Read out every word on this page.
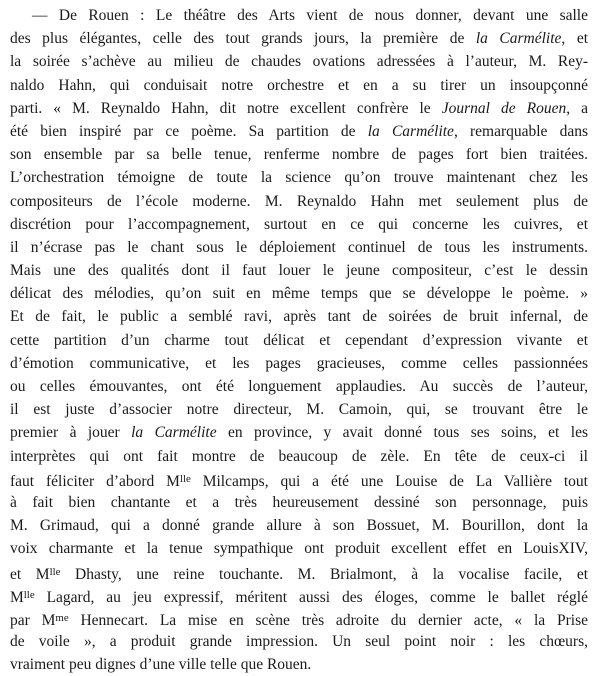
— De Rouen : Le théâtre des Arts vient de nous donner, devant une salle
des plus élégantes, celle des tout grands jours, la première de la Carmélite, et
la soirée s’achève au milieu de chaudes ovations adressées à l’auteur, M. Rey-
naldo Hahn, qui conduisait notre orchestre et en a su tirer un insoupçonné
parti. « M. Reynaldo Hahn, dit notre excellent confrère le Journal de Rouen, a
été bien inspiré par ce poème. Sa partition de la Carmélite, remarquable dans
son ensemble par sa belle tenue, renferme nombre de pages fort bien traitées.
L’orchestration témoigne de toute la science qu’on trouve maintenant chez les
compositeurs de l’école moderne. M. Reynaldo Hahn met seulement plus de
discrétion pour l’accompagnement, surtout en ce qui concerne les cuivres, et
il n’écrase pas le chant sous le déploiement continuel de tous les instruments.
Mais une des qualités dont il faut louer le jeune compositeur, c’est le dessin
délicat des mélodies, qu’on suit en même temps que se développe le poème. »
Et de fait, le public a semblé ravi, après tant de soirées de bruit infernal, de
cette partition d’un charme tout délicat et cependant d’expression vivante et
d’émotion communicative, et les pages gracieuses, comme celles passionnées
ou celles émouvantes, ont été longuement applaudies. Au succès de l’auteur,
il est juste d’associer notre directeur, M. Camoin, qui, se trouvant être le
premier à jouer la Carmélite en province, y avait donné tous ses soins, et les
interprètes qui ont fait montre de beaucoup de zèle. En tête de ceux-ci il
faut féliciter d’abord $M^{lle}$ Milcamps, qui a été une Louise de La Vallière tout
à fait bien chantante et a très heureusement dessiné son personnage, puis
M. Grimaud, qui a donné grande allure à son Bossuet, M. Bourillon, dont la
voix charmante et la tenue sympathique ont produit excellent effet en LouisXIV,
et $M^{lle}$ Dhasty, une reine touchante. M. Brialmont, à la vocalise facile, et
$M^{lle}$ Lagard, au jeu expressif, méritent aussi des éloges, comme le ballet réglé
par $M^{me}$ Hennecart. La mise en scène très adroite du dernier acte, « la Prise
de voile », a produit grande impression. Un seul point noir : les chœurs,
vraiment peu dignes d’une ville telle que Rouen.
